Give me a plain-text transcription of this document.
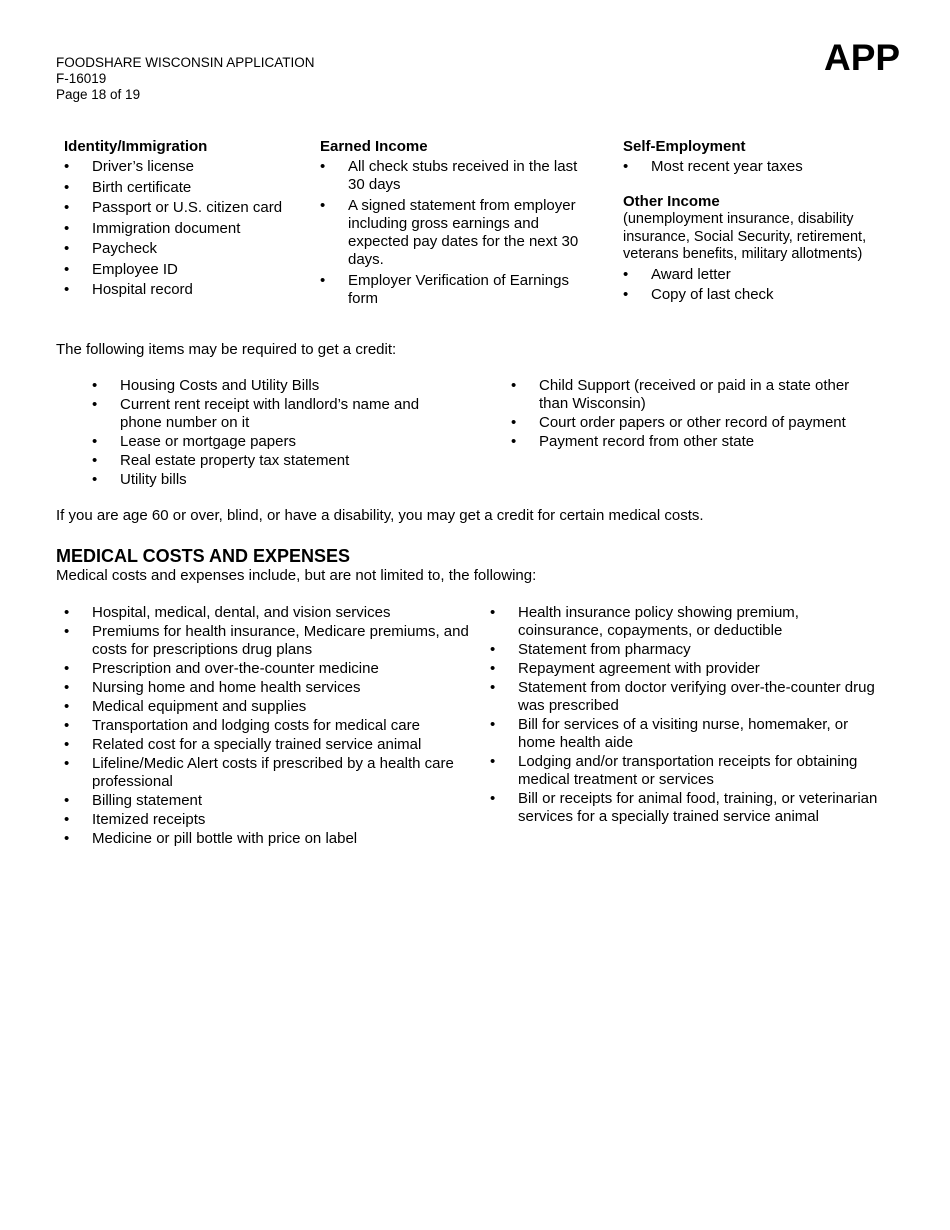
FOODSHARE WISCONSIN APPLICATION
F-16019
Page 18 of 19
APP
Identity/Immigration
• Driver’s license
• Birth certificate
• Passport or U.S. citizen card
• Immigration document
• Paycheck
• Employee ID
• Hospital record
Earned Income
• All check stubs received in the last 30 days
• A signed statement from employer including gross earnings and expected pay dates for the next 30 days.
• Employer Verification of Earnings form
Self-Employment
• Most recent year taxes
Other Income
(unemployment insurance, disability insurance, Social Security, retirement, veterans benefits, military allotments)
• Award letter
• Copy of last check
The following items may be required to get a credit:
• Housing Costs and Utility Bills
• Current rent receipt with landlord’s name and phone number on it
• Lease or mortgage papers
• Real estate property tax statement
• Utility bills
• Child Support (received or paid in a state other than Wisconsin)
• Court order papers or other record of payment
• Payment record from other state
If you are age 60 or over, blind, or have a disability, you may get a credit for certain medical costs.
MEDICAL COSTS AND EXPENSES
Medical costs and expenses include, but are not limited to, the following:
• Hospital, medical, dental, and vision services
• Premiums for health insurance, Medicare premiums, and costs for prescriptions drug plans
• Prescription and over-the-counter medicine
• Nursing home and home health services
• Medical equipment and supplies
• Transportation and lodging costs for medical care
• Related cost for a specially trained service animal
• Lifeline/Medic Alert costs if prescribed by a health care professional
• Billing statement
• Itemized receipts
• Medicine or pill bottle with price on label
• Health insurance policy showing premium, coinsurance, copayments, or deductible
• Statement from pharmacy
• Repayment agreement with provider
• Statement from doctor verifying over-the-counter drug was prescribed
• Bill for services of a visiting nurse, homemaker, or home health aide
• Lodging and/or transportation receipts for obtaining medical treatment or services
• Bill or receipts for animal food, training, or veterinarian services for a specially trained service animal
